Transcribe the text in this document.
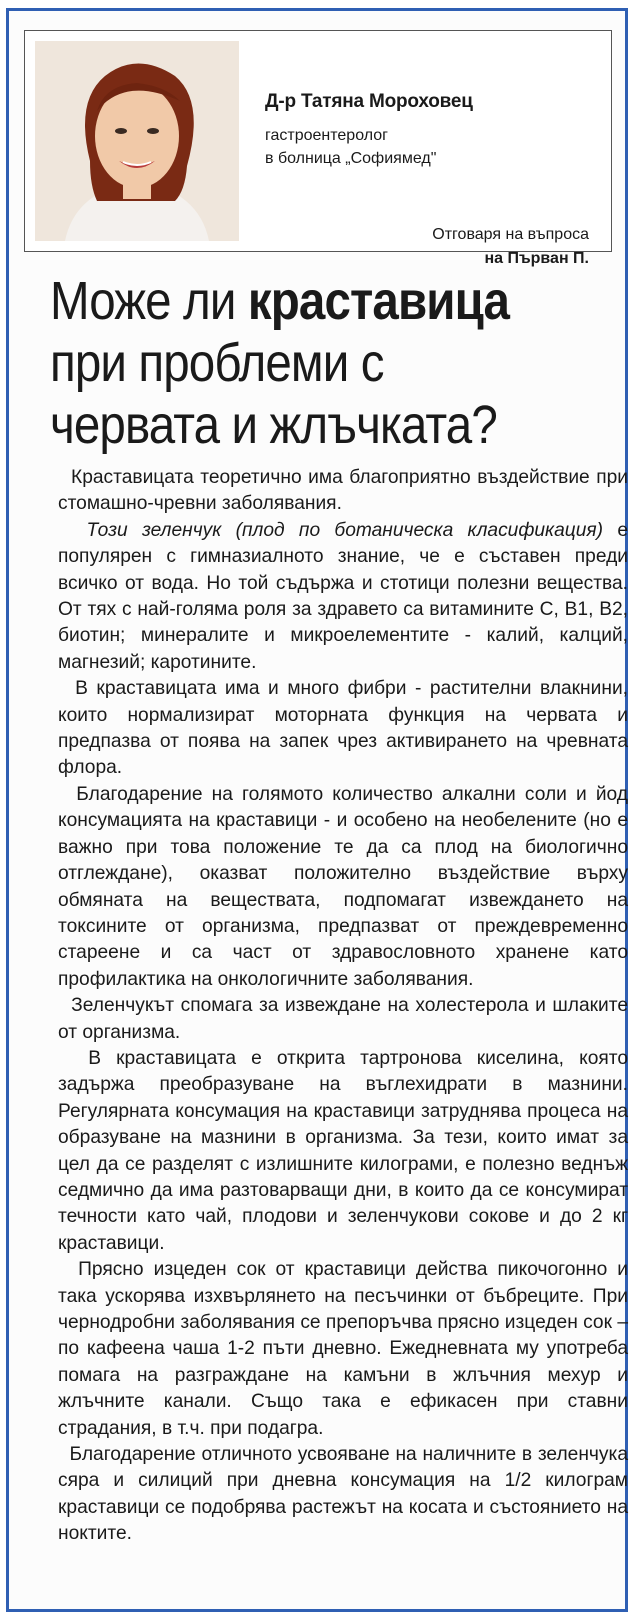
Д-р Татяна Мороховец
гастроентеролог
в болница „Софиямед"
Отговаря на въпроса
на Първан П.
Може ли краставица при проблеми с червата и жлъчката?

Краставицата теоретично има благоприятно въздействие при стомашно-чревни заболявания.

Този зеленчук (плод по ботаническа класификация) е популярен с гимназиалното знание, че е съставен преди всичко от вода. Но той съдържа и стотици полезни вещества. От тях с най-голяма роля за здравето са витамините С, В1, В2, биотин; минералите и микроелементите - калий, калций, магнезий; каротините.

В краставицата има и много фибри - растителни влакнини, които нормализират моторната функция на червата и предпазва от поява на запек чрез активирането на чревната флора.

Благодарение на голямото количество алкални соли и йод консумацията на краставици - и особено на необелените (но е важно при това положение те да са плод на биологично отглеждане), оказват положително въздействие върху обмяната на веществата, подпомагат извеждането на токсините от организма, предпазват от преждевременно стареене и са част от здравословното хранене като профилактика на онкологичните заболявания.

Зеленчукът спомага за извеждане на холестерола и шлаките от организма.

В краставицата е открита тартронова киселина, която задържа преобразуване на въглехидрати в мазнини. Регулярната консумация на краставици затруднява процеса на образуване на мазнини в организма. За тези, които имат за цел да се разделят с излишните килограми, е полезно веднъж седмично да има разтоварващи дни, в които да се консумират течности като чай, плодови и зеленчукови сокове и до 2 кг краставици.

Прясно изцеден сок от краставици действа пикочогонно и така ускорява изхвърлянето на песъчинки от бъбреците. При чернодробни заболявания се препоръчва прясно изцеден сок – по кафеена чаша 1-2 пъти дневно. Ежедневната му употреба помага на разграждане на камъни в жлъчния мехур и жлъчните канали. Също така е ефикасен при ставни страдания, в т.ч. при подагра.

Благодарение отличното усвояване на наличните в зеленчука сяра и силиций при дневна консумация на 1/2 килограм краставици се подобрява растежът на косата и състоянието на ноктите.
